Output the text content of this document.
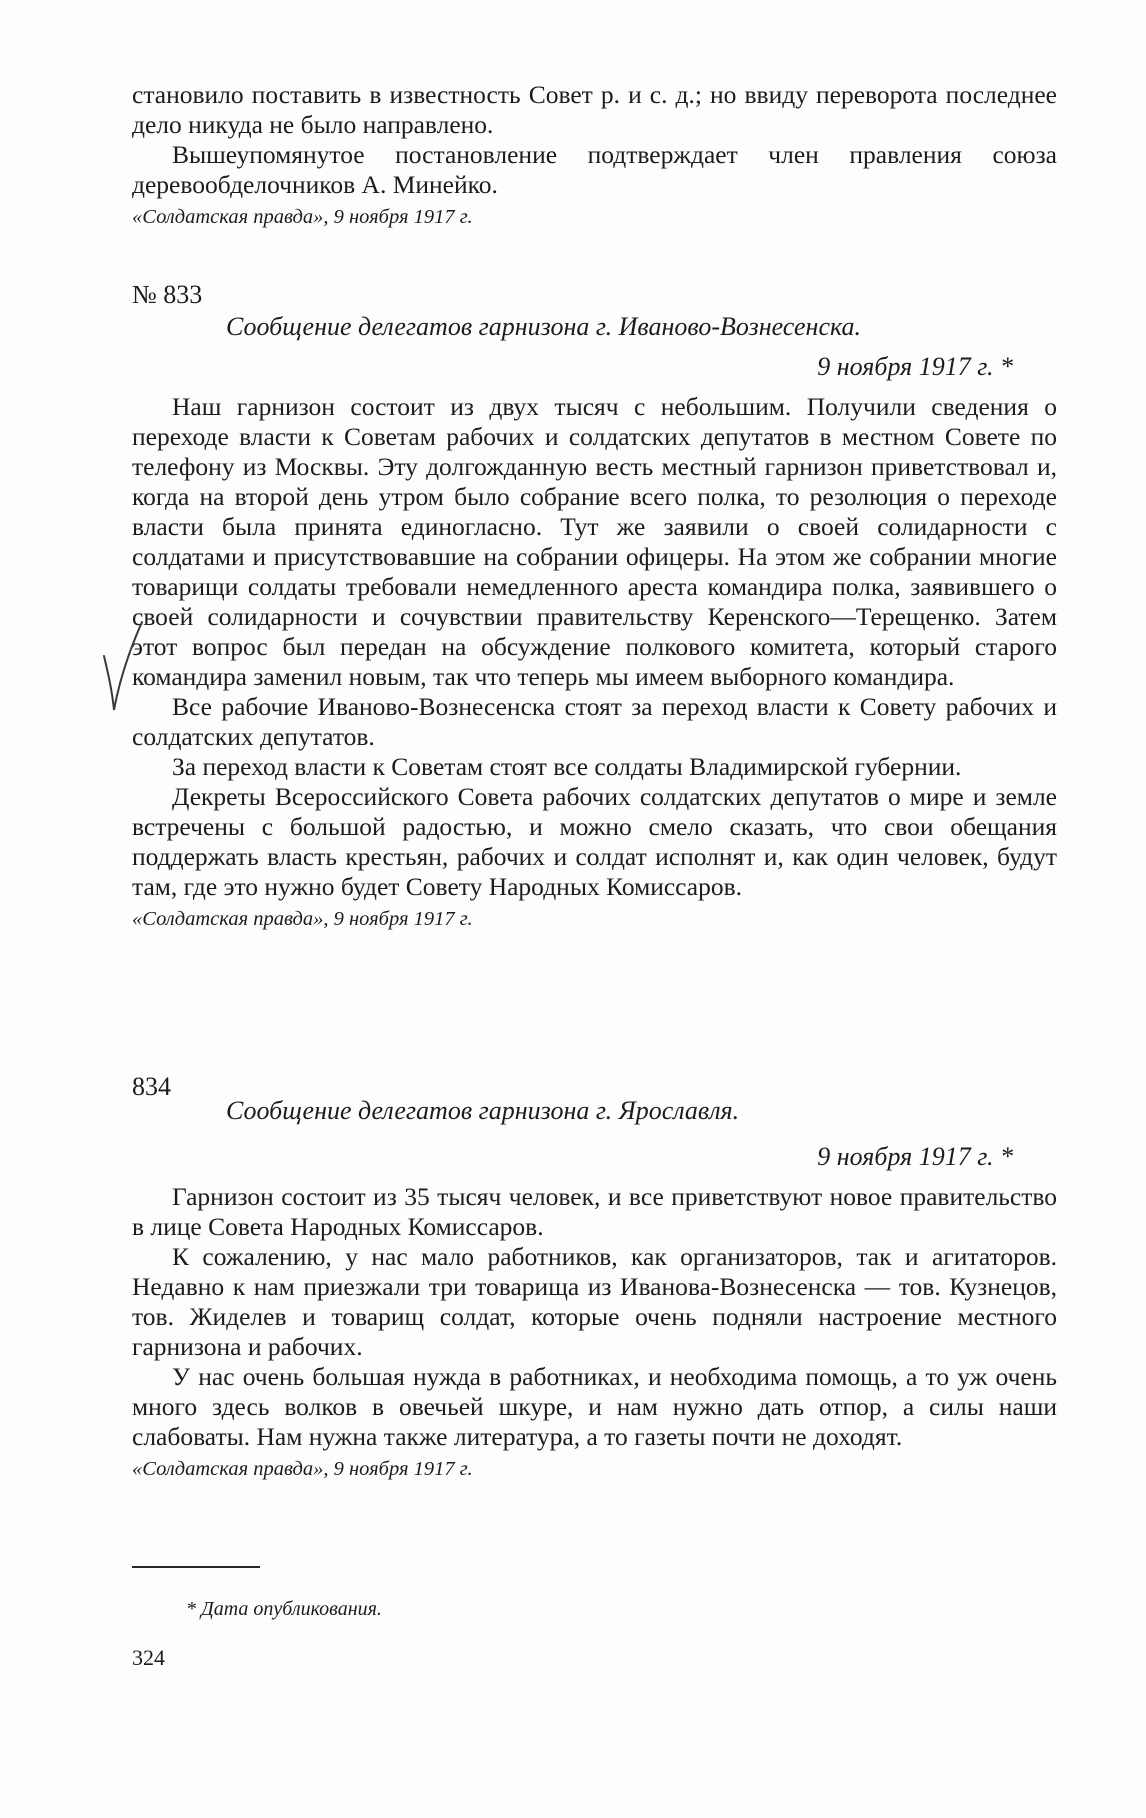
становило поставить в известность Совет р. и с. д.; но ввиду переворота последнее дело никуда не было направлено.

Вышеупомянутое постановление подтверждает член правления союза деревообделочников А. Минейко.

«Солдатская правда», 9 ноября 1917 г.

№ 833
Сообщение делегатов гарнизона г. Иваново-Вознесенска.
9 ноября 1917 г. *

Наш гарнизон состоит из двух тысяч с небольшим. Получили сведения о переходе власти к Советам рабочих и солдатских депутатов в местном Совете по телефону из Москвы. Эту долгожданную весть местный гарнизон приветствовал и, когда на второй день утром было собрание всего полка, то резолюция о переходе власти была принята единогласно. Тут же заявили о своей солидарности с солдатами и присутствовавшие на собрании офицеры. На этом же собрании многие товарищи солдаты требовали немедленного ареста командира полка, заявившего о своей солидарности и сочувствии правительству Керенского—Терещенко. Затем этот вопрос был передан на обсуждение полкового комитета, который старого командира заменил новым, так что теперь мы имеем выборного командира.

Все рабочие Иваново-Вознесенска стоят за переход власти к Совету рабочих и солдатских депутатов.

За переход власти к Советам стоят все солдаты Владимирской губернии.

Декреты Всероссийского Совета рабочих солдатских депутатов о мире и земле встречены с большой радостью, и можно смело сказать, что свои обещания поддержать власть крестьян, рабочих и солдат исполнят и, как один человек, будут там, где это нужно будет Совету Народных Комиссаров.

«Солдатская правда», 9 ноября 1917 г.

834
Сообщение делегатов гарнизона г. Ярославля.
9 ноября 1917 г. *

Гарнизон состоит из 35 тысяч человек, и все приветствуют новое правительство в лице Совета Народных Комиссаров.

К сожалению, у нас мало работников, как организаторов, так и агитаторов. Недавно к нам приезжали три товарища из Иванова-Вознесенска — тов. Кузнецов, тов. Жиделев и товарищ солдат, которые очень подняли настроение местного гарнизона и рабочих.

У нас очень большая нужда в работниках, и необходима помощь, а то уж очень много здесь волков в овечьей шкуре, и нам нужно дать отпор, а силы наши слабоваты. Нам нужна также литература, а то газеты почти не доходят.

«Солдатская правда», 9 ноября 1917 г.

* Дата опубликования.
324
